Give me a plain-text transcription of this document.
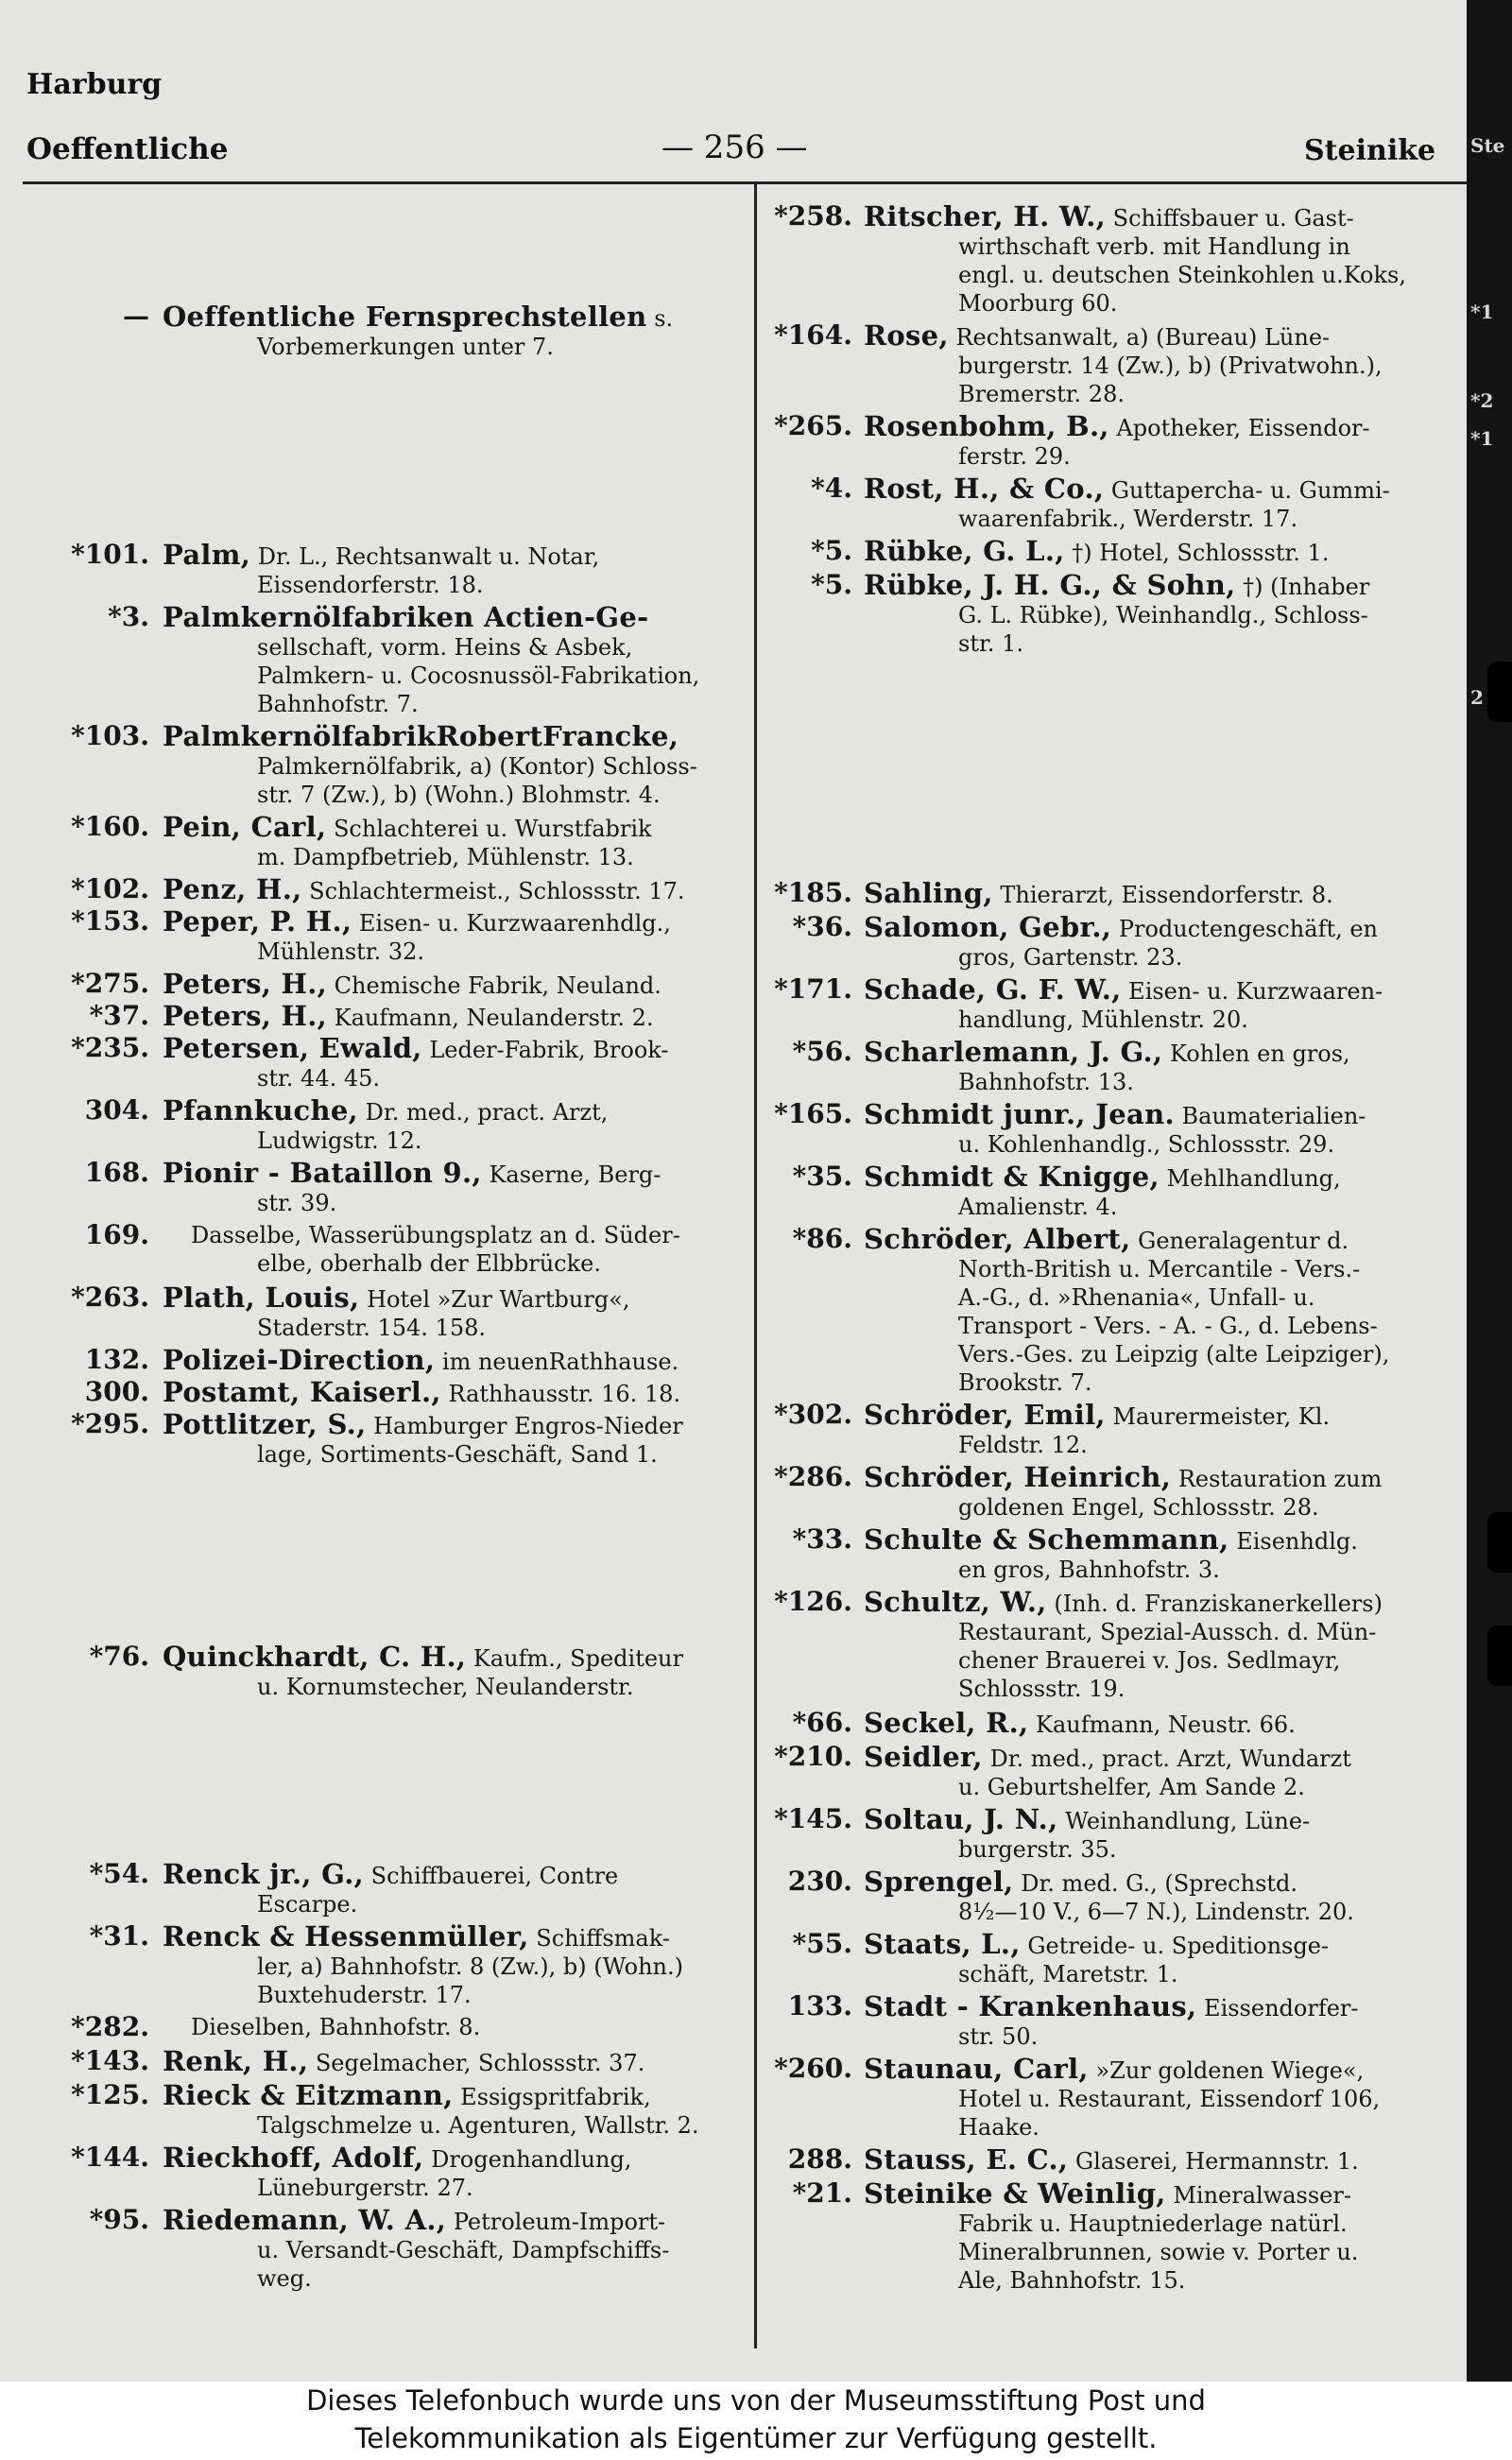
Harburg
Oeffentliche	— 256 —	Steinike
— Oeffentliche Fernsprechstellen s.
Vorbemerkungen unter 7.
*101. Palm, Dr. L., Rechtsanwalt u. Notar,
Eissendorferstr. 18.
*3. Palmkernölfabriken Actien-Ge-
sellschaft, vorm. Heins & Asbek,
Palmkern- u. Cocosnussöl-Fabrikation,
Bahnhofstr. 7.
*103. PalmkernölfabrikRobertFrancke,
Palmkernölfabrik, a) (Kontor) Schloss-
str. 7 (Zw.), b) (Wohn.) Blohmstr. 4.
*160. Pein, Carl, Schlachterei u. Wurstfabrik
m. Dampfbetrieb, Mühlenstr. 13.
*102. Penz, H., Schlachtermeist., Schlossstr. 17.
*153. Peper, P. H., Eisen- u. Kurzwaarenhdlg.,
Mühlenstr. 32.
*275. Peters, H., Chemische Fabrik, Neuland.
*37. Peters, H., Kaufmann, Neulanderstr. 2.
*235. Petersen, Ewald, Leder-Fabrik, Brook-
str. 44. 45.
304. Pfannkuche, Dr. med., pract. Arzt,
Ludwigstr. 12.
168. Pionir - Bataillon 9., Kaserne, Berg-
str. 39.
169.	Dasselbe, Wasserübungsplatz an d. Süder-
elbe, oberhalb der Elbbrücke.
*263. Plath, Louis, Hotel »Zur Wartburg«,
Staderstr. 154. 158.
132. Polizei-Direction, im neuenRathhause.
300. Postamt, Kaiserl., Rathhausstr. 16. 18.
*295. Pottlitzer, S., Hamburger Engros-Nieder
lage, Sortiments-Geschäft, Sand 1.
*76. Quinckhardt, C. H., Kaufm., Spediteur
u. Kornumstecher, Neulanderstr.
*54. Renck jr., G., Schiffbauerei, Contre
Escarpe.
*31. Renck & Hessenmüller, Schiffsmak-
ler, a) Bahnhofstr. 8 (Zw.), b) (Wohn.)
Buxtehuderstr. 17.
*282.	Dieselben, Bahnhofstr. 8.
*143. Renk, H., Segelmacher, Schlossstr. 37.
*125. Rieck & Eitzmann, Essigspritfabrik,
Talgschmelze u. Agenturen, Wallstr. 2.
*144. Rieckhoff, Adolf, Drogenhandlung,
Lüneburgerstr. 27.
*95. Riedemann, W. A., Petroleum-Import-
u. Versandt-Geschäft, Dampfschiffs-
weg.
*258. Ritscher, H. W., Schiffsbauer u. Gast-
wirthschaft verb. mit Handlung in
engl. u. deutschen Steinkohlen u.Koks,
Moorburg 60.
*164. Rose, Rechtsanwalt, a) (Bureau) Lüne-
burgerstr. 14 (Zw.), b) (Privatwohn.),
Bremerstr. 28.
*265. Rosenbohm, B., Apotheker, Eissendor-
ferstr. 29.
*4. Rost, H., & Co., Guttapercha- u. Gummi-
waarenfabrik., Werderstr. 17.
*5. Rübke, G. L., †) Hotel, Schlossstr. 1.
*5. Rübke, J. H. G., & Sohn, †) (Inhaber
G. L. Rübke), Weinhandlg., Schloss-
str. 1.
*185. Sahling, Thierarzt, Eissendorferstr. 8.
*36. Salomon, Gebr., Productengeschäft, en
gros, Gartenstr. 23.
*171. Schade, G. F. W., Eisen- u. Kurzwaaren-
handlung, Mühlenstr. 20.
*56. Scharlemann, J. G., Kohlen en gros,
Bahnhofstr. 13.
*165. Schmidt junr., Jean. Baumaterialien-
u. Kohlenhandlg., Schlossstr. 29.
*35. Schmidt & Knigge, Mehlhandlung,
Amalienstr. 4.
*86. Schröder, Albert, Generalagentur d.
North-British u. Mercantile - Vers.-
A.-G., d. »Rhenania«, Unfall- u.
Transport - Vers. - A. - G., d. Lebens-
Vers.-Ges. zu Leipzig (alte Leipziger),
Brookstr. 7.
*302. Schröder, Emil, Maurermeister, Kl.
Feldstr. 12.
*286. Schröder, Heinrich, Restauration zum
goldenen Engel, Schlossstr. 28.
*33. Schulte & Schemmann, Eisenhdlg.
en gros, Bahnhofstr. 3.
*126. Schultz, W., (Inh. d. Franziskanerkellers)
Restaurant, Spezial-Aussch. d. Mün-
chener Brauerei v. Jos. Sedlmayr,
Schlossstr. 19.
*66. Seckel, R., Kaufmann, Neustr. 66.
*210. Seidler, Dr. med., pract. Arzt, Wundarzt
u. Geburtshelfer, Am Sande 2.
*145. Soltau, J. N., Weinhandlung, Lüne-
burgerstr. 35.
230. Sprengel, Dr. med. G., (Sprechstd.
8½—10 V., 6—7 N.), Lindenstr. 20.
*55. Staats, L., Getreide- u. Speditionsge-
schäft, Maretstr. 1.
133. Stadt - Krankenhaus, Eissendorfer-
str. 50.
*260. Staunau, Carl, »Zur goldenen Wiege«,
Hotel u. Restaurant, Eissendorf 106,
Haake.
288. Stauss, E. C., Glaserei, Hermannstr. 1.
*21. Steinike & Weinlig, Mineralwasser-
Fabrik u. Hauptniederlage natürl.
Mineralbrunnen, sowie v. Porter u.
Ale, Bahnhofstr. 15.
Ste
*1
*2
*1
2
Dieses Telefonbuch wurde uns von der Museumsstiftung Post und
Telekommunikation als Eigentümer zur Verfügung gestellt.
